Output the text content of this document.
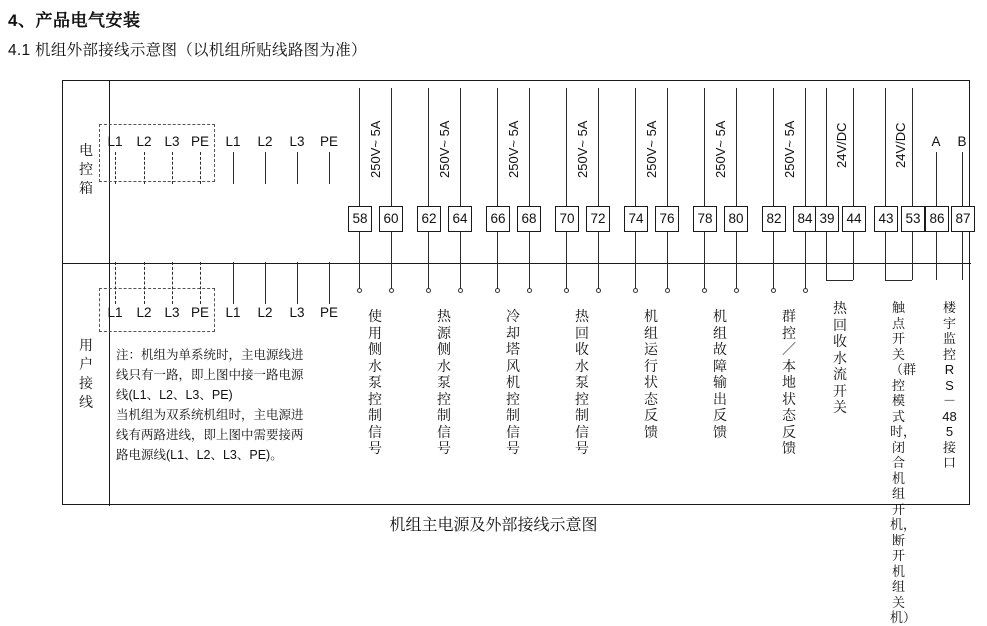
4、产品电气安装
4.1 机组外部接线示意图（以机组所贴线路图为准）
电
控
箱
用
户
接
线
L1 L2 L3 PE L1 L2 L3 PE
L1 L2 L3 PE L1 L2 L3 PE
注：机组为单系统时，主电源线进
线只有一路，即上图中接一路电源
线(L1、L2、L3、PE)
当机组为双系统机组时，主电源进
线有两路进线，即上图中需要接两
路电源线(L1、L2、L3、PE)。
250V~ 5A
58	60
使用侧水泵控制信号
250V~ 5A
62	64
热源侧水泵控制信号
250V~ 5A
66	68
冷却塔风机控制信号
250V~ 5A
70	72
热回收水泵控制信号
250V~ 5A
74	76
机组运行状态反馈
250V~ 5A
78	80
机组故障输出反馈
250V~ 5A
82	84
群控／本地状态反馈
24V/DC
39 44
热回收水流开关
24V/DC
43 53
触点开关（群控模式时，闭合机组开机，断开机组关机）
A	B
86 87
楼宇监控RS－485接口
机组主电源及外部接线示意图
